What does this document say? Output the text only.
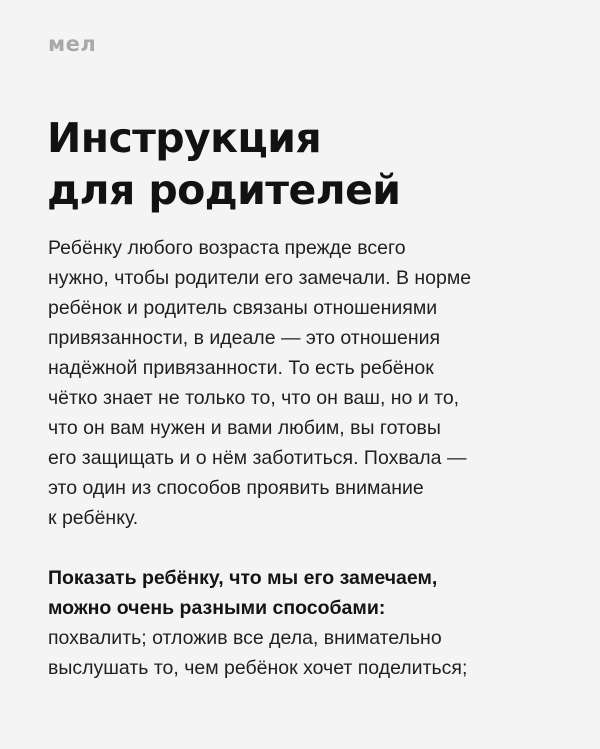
мел
Инструкция
для родителей

Ребёнку любого возраста прежде всего
нужно, чтобы родители его замечали. В норме
ребёнок и родитель связаны отношениями
привязанности, в идеале — это отношения
надёжной привязанности. То есть ребёнок
чётко знает не только то, что он ваш, но и то,
что он вам нужен и вами любим, вы готовы
его защищать и о нём заботиться. Похвала —
это один из способов проявить внимание
к ребёнку.

Показать ребёнку, что мы его замечаем,
можно очень разными способами:
похвалить; отложив все дела, внимательно
выслушать то, чем ребёнок хочет поделиться;
